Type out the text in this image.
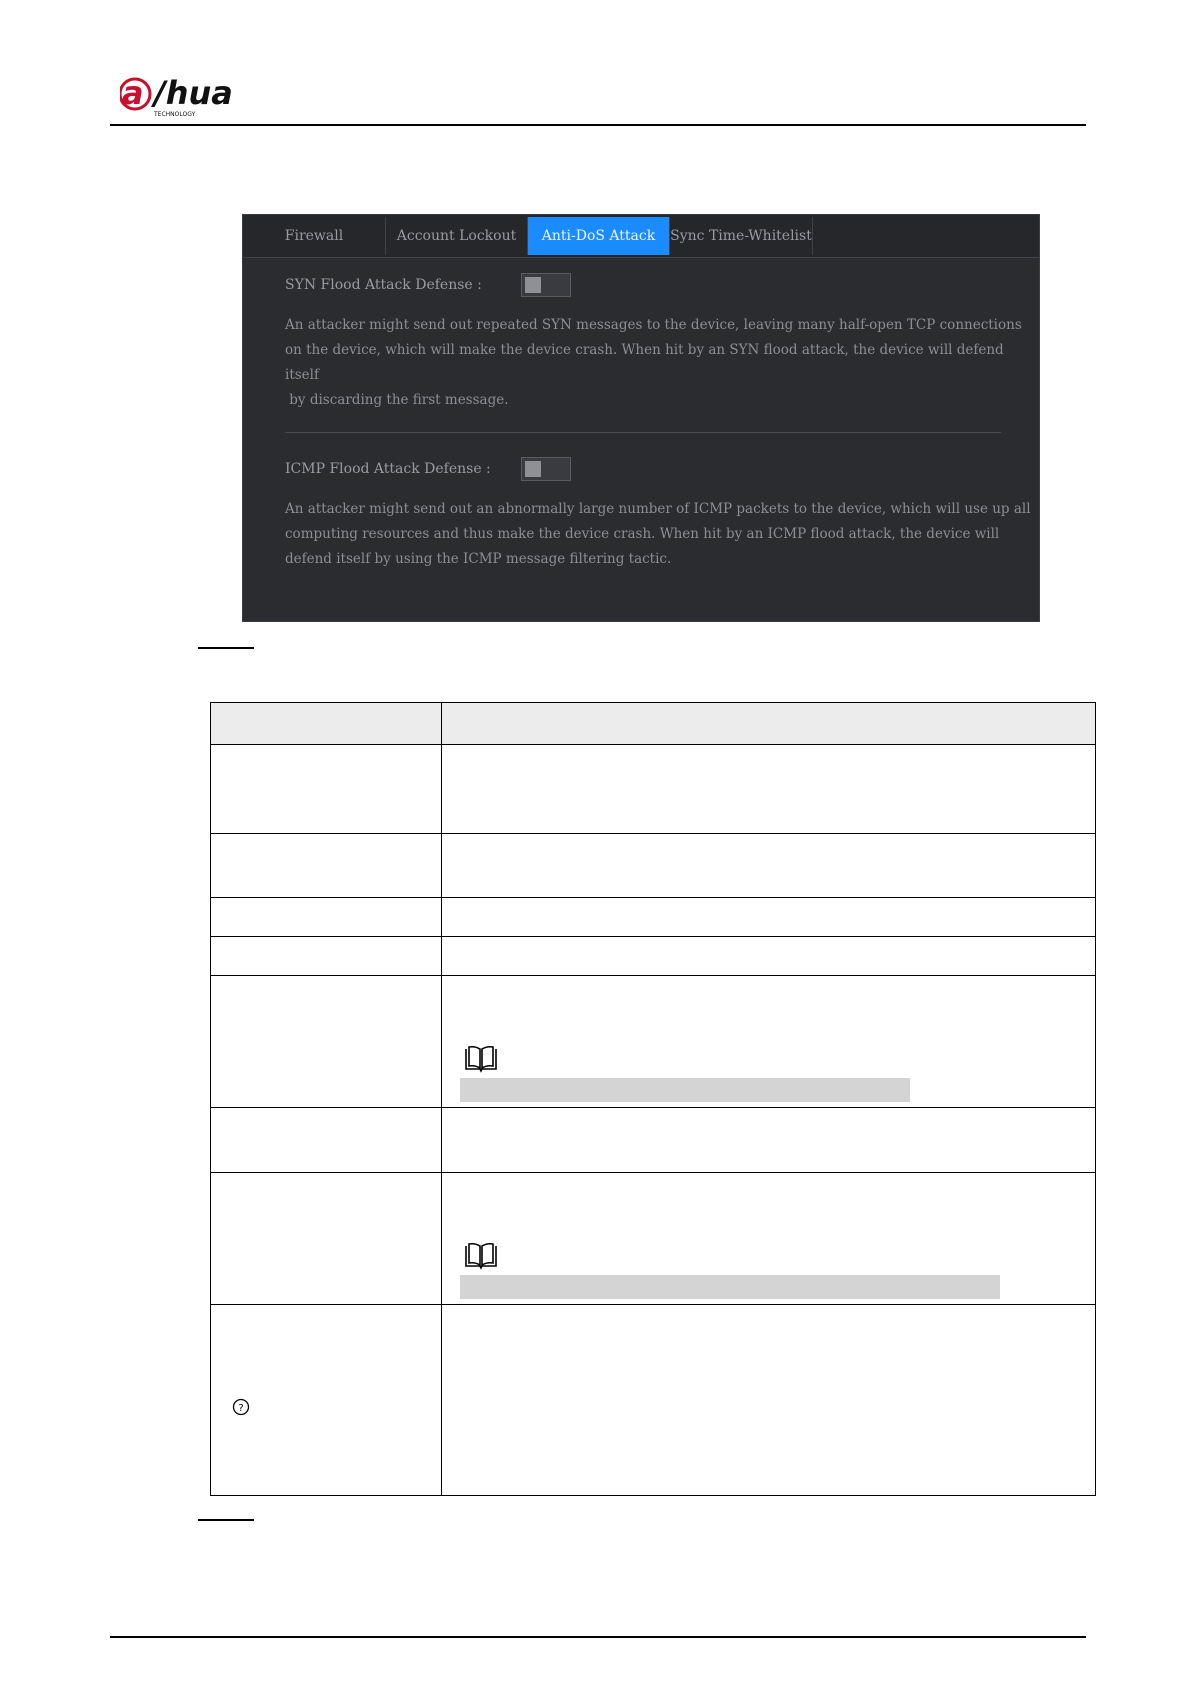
a /hua
TECHNOLOGY
Firewall	Account Lockout	Anti-DoS Attack	Sync Time-Whitelist
SYN Flood Attack Defense :
An attacker might send out repeated SYN messages to the device, leaving many half-open TCP connections
on the device, which will make the device crash. When hit by an SYN flood attack, the device will defend itself
by discarding the first message.
ICMP Flood Attack Defense :
An attacker might send out an abnormally large number of ICMP packets to the device, which will use up all
computing resources and thus make the device crash. When hit by an ICMP flood attack, the device will
defend itself by using the ICMP message filtering tactic.
?
